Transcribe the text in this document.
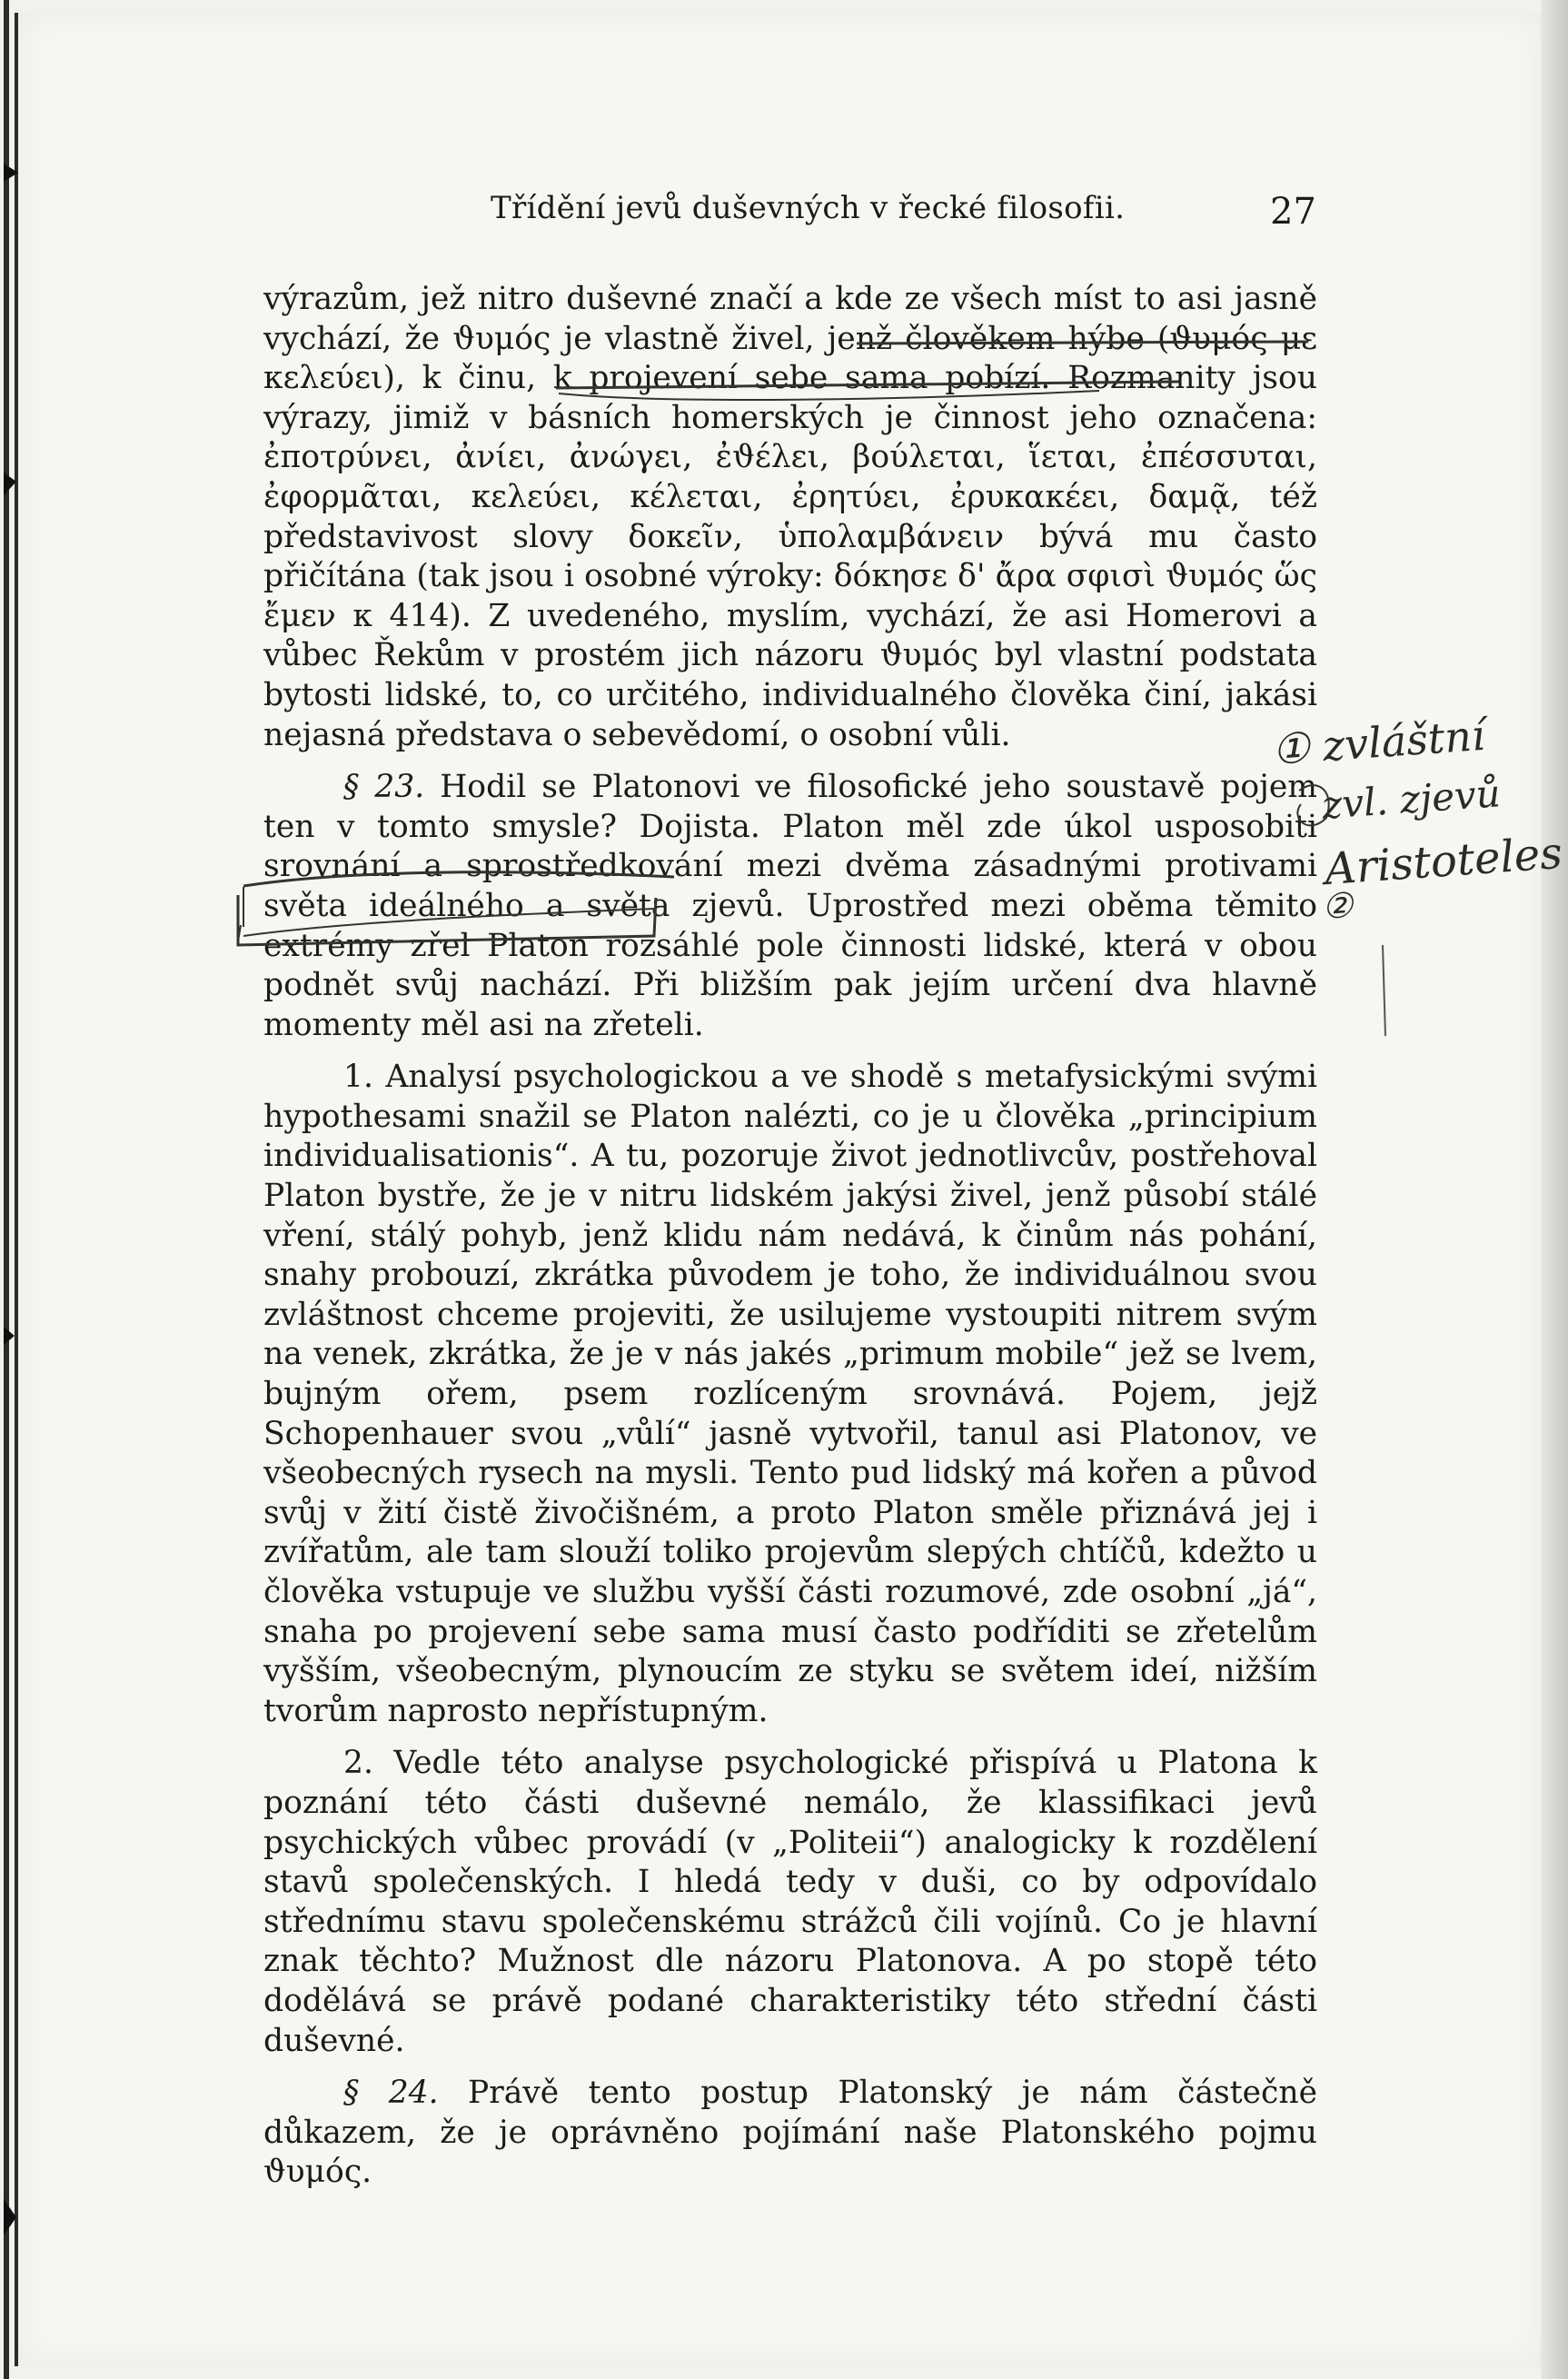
Třídění jevů duševných v řecké filosofii.	27

výrazům, jež nitro duševné značí a kde ze všech míst to asi jasně vychází, že ϑυμός je vlastně živel, jenž člověkem hýbe (ϑυμός με κελεύει), k činu, k projevení sebe sama pobízí. Rozmanity jsou výrazy, jimiž v básních homerských je činnost jeho označena: ἐποτρύνει, ἀνίει, ἀνώγει, ἐϑέλει, βούλεται, ἵεται, ἐπέσσυται, ἐφορμᾶται, κελεύει, κέλεται, ἐρητύει, ἐρυκακέει, δαμᾷ, též představivost slovy δοκεῖν, ὑπολαμβάνειν bývá mu často přičítána (tak jsou i osobné výroky: δόκησε δ' ἄρα σφισὶ ϑυμός ὥς ἔμεν κ 414). Z uvedeného, myslím, vychází, že asi Homerovi a vůbec Řekům v prostém jich názoru ϑυμός byl vlastní podstata bytosti lidské, to, co určitého, individualného člověka činí, jakási nejasná představa o sebevědomí, o osobní vůli.

§ 23. Hodil se Platonovi ve filosofické jeho soustavě pojem ten v tomto smysle? Dojista. Platon měl zde úkol usposobiti srovnání a sprostředkování mezi dvěma zásadnými protivami světa ideálného a světa zjevů. Uprostřed mezi oběma těmito extrémy zřel Platon rozsáhlé pole činnosti lidské, která v obou podnět svůj nachází. Při bližším pak jejím určení dva hlavně momenty měl asi na zřeteli.

1. Analysí psychologickou a ve shodě s metafysickými svými hypothesami snažil se Platon nalézti, co je u člověka „principium individualisationis“. A tu, pozoruje život jednotlivcův, postřehoval Platon bystře, že je v nitru lidském jakýsi živel, jenž působí stálé vření, stálý pohyb, jenž klidu nám nedává, k činům nás pohání, snahy probouzí, zkrátka původem je toho, že individuálnou svou zvláštnost chceme projeviti, že usilujeme vystoupiti nitrem svým na venek, zkrátka, že je v nás jakés „primum mobile“ jež se lvem, bujným ořem, psem rozlíceným srovnává. Pojem, jejž Schopenhauer svou „vůlí“ jasně vytvořil, tanul asi Platonov, ve všeobecných rysech na mysli. Tento pud lidský má kořen a původ svůj v žití čistě živočišném, a proto Platon směle přiznává jej i zvířatům, ale tam slouží toliko projevům slepých chtíčů, kdežto u člověka vstupuje ve službu vyšší části rozumové, zde osobní „já“, snaha po projevení sebe sama musí často podříditi se zřetelům vyšším, všeobecným, plynoucím ze styku se světem ideí, nižším tvorům naprosto nepřístupným.

2. Vedle této analyse psychologické přispívá u Platona k poznání této části duševné nemálo, že klassifikaci jevů psychických vůbec provádí (v „Politeii“) analogicky k rozdělení stavů společenských. I hledá tedy v duši, co by odpovídalo střednímu stavu společenskému strážců čili vojínů. Co je hlavní znak těchto? Mužnost dle názoru Platonova. A po stopě této dodělává se právě podané charakteristiky této střední části duševné.

§ 24. Právě tento postup Platonský je nám částečně důkazem, že je oprávněno pojímání naše Platonského pojmu ϑυμός.

① zvláštní
zvl. zjevů
Aristoteles
②
